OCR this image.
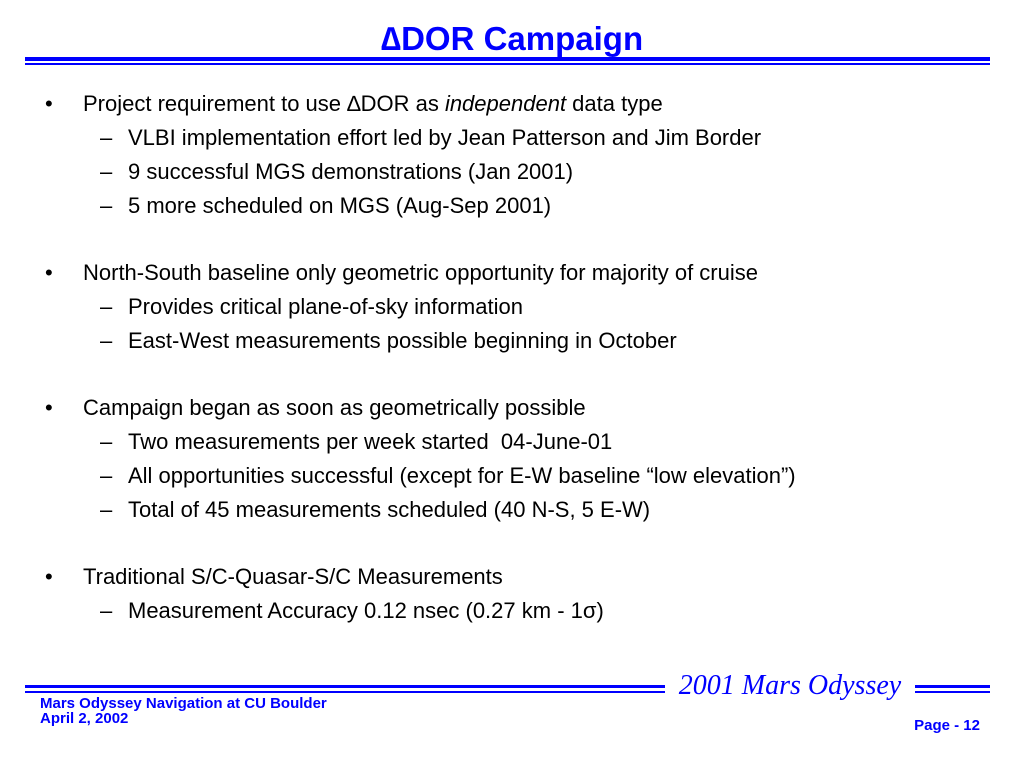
∆DOR Campaign
• Project requirement to use ∆DOR as independent data type
– VLBI implementation effort led by Jean Patterson and Jim Border
– 9 successful MGS demonstrations (Jan 2001)
– 5 more scheduled on MGS (Aug-Sep 2001)
• North-South baseline only geometric opportunity for majority of cruise
– Provides critical plane-of-sky information
– East-West measurements possible beginning in October
• Campaign began as soon as geometrically possible
– Two measurements per week started  04-June-01
– All opportunities successful (except for E-W baseline “low elevation”)
– Total of 45 measurements scheduled (40 N-S, 5 E-W)
• Traditional S/C-Quasar-S/C Measurements
– Measurement Accuracy 0.12 nsec (0.27 km - 1σ)
2001 Mars Odyssey
Mars Odyssey Navigation at CU Boulder
April 2, 2002	Page - 12
